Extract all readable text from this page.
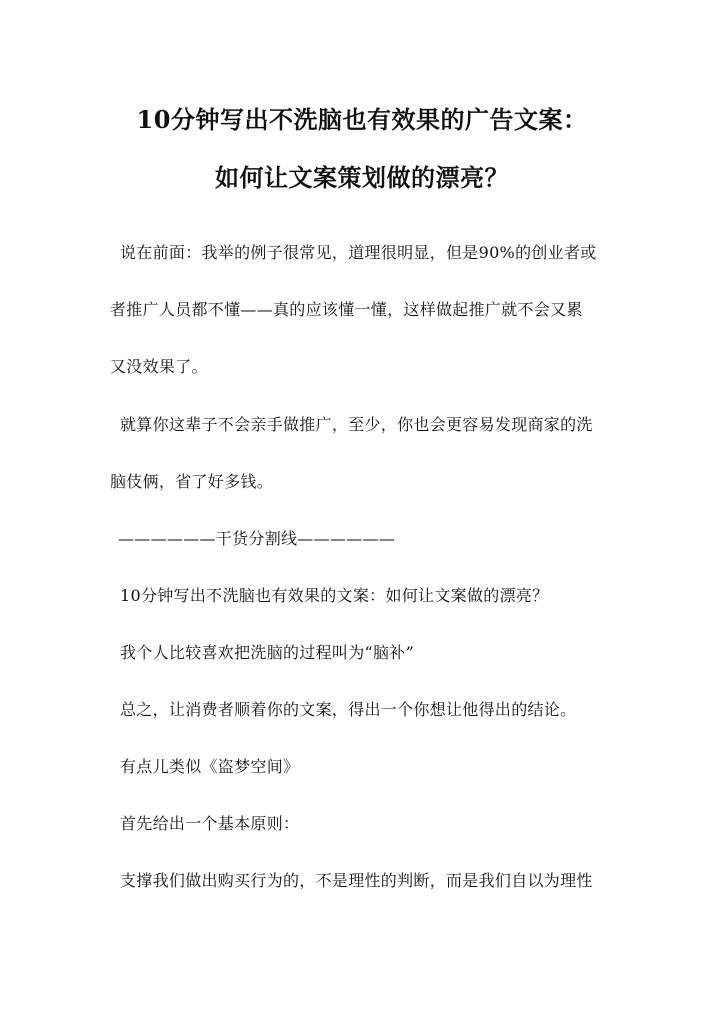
10分钟写出不洗脑也有效果的广告文案：
如何让文案策划做的漂亮？
说在前面：我举的例子很常见，道理很明显，但是90%的创业者或
者推广人员都不懂——真的应该懂一懂，这样做起推广就不会又累
又没效果了。
就算你这辈子不会亲手做推广，至少，你也会更容易发现商家的洗
脑伎俩，省了好多钱。
——————干货分割线——————
10分钟写出不洗脑也有效果的文案：如何让文案做的漂亮？
我个人比较喜欢把洗脑的过程叫为“脑补”
总之，让消费者顺着你的文案，得出一个你想让他得出的结论。
有点儿类似《盗梦空间》
首先给出一个基本原则：
支撑我们做出购买行为的，不是理性的判断，而是我们自以为理性
